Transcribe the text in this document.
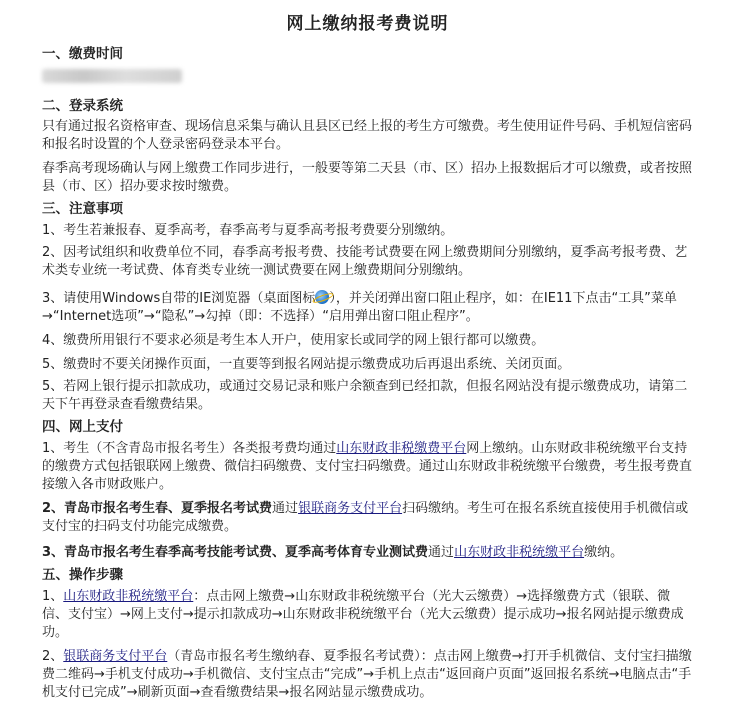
网上缴纳报考费说明
一、缴费时间
二、登录系统
只有通过报名资格审查、现场信息采集与确认且县区已经上报的考生方可缴费。考生使用证件号码、手机短信密码和报名时设置的个人登录密码登录本平台。
春季高考现场确认与网上缴费工作同步进行，一般要等第二天县（市、区）招办上报数据后才可以缴费，或者按照县（市、区）招办要求按时缴费。
三、注意事项
1、考生若兼报春、夏季高考，春季高考与夏季高考报考费要分别缴纳。
2、因考试组织和收费单位不同，春季高考报考费、技能考试费要在网上缴费期间分别缴纳，夏季高考报考费、艺术类专业统一考试费、体育类专业统一测试费要在网上缴费期间分别缴纳。
3、请使用Windows自带的IE浏览器（桌面图标 ），并关闭弹出窗口阻止程序，如：在IE11下点击“工具”菜单→“Internet选项”→“隐私”→勾掉（即：不选择）“启用弹出窗口阻止程序”。
4、缴费所用银行不要求必须是考生本人开户，使用家长或同学的网上银行都可以缴费。
5、缴费时不要关闭操作页面，一直要等到报名网站提示缴费成功后再退出系统、关闭页面。
5、若网上银行提示扣款成功，或通过交易记录和账户余额查到已经扣款，但报名网站没有提示缴费成功，请第二天下午再登录查看缴费结果。
四、网上支付
1、考生（不含青岛市报名考生）各类报考费均通过山东财政非税缴费平台网上缴纳。山东财政非税统缴平台支持的缴费方式包括银联网上缴费、微信扫码缴费、支付宝扫码缴费。通过山东财政非税统缴平台缴费，考生报考费直接缴入各市财政账户。
2、青岛市报名考生春、夏季报名考试费通过银联商务支付平台扫码缴纳。考生可在报名系统直接使用手机微信或支付宝的扫码支付功能完成缴费。
3、青岛市报名考生春季高考技能考试费、夏季高考体育专业测试费通过山东财政非税统缴平台缴纳。
五、操作步骤
1、山东财政非税统缴平台：点击网上缴费→山东财政非税统缴平台（光大云缴费）→选择缴费方式（银联、微信、支付宝）→网上支付→提示扣款成功→山东财政非税统缴平台（光大云缴费）提示成功→报名网站提示缴费成功。
2、银联商务支付平台（青岛市报名考生缴纳春、夏季报名考试费）：点击网上缴费→打开手机微信、支付宝扫描缴费二维码→手机支付成功→手机微信、支付宝点击“完成”→手机上点击“返回商户页面”返回报名系统→电脑点击“手机支付已完成”→刷新页面→查看缴费结果→报名网站显示缴费成功。
